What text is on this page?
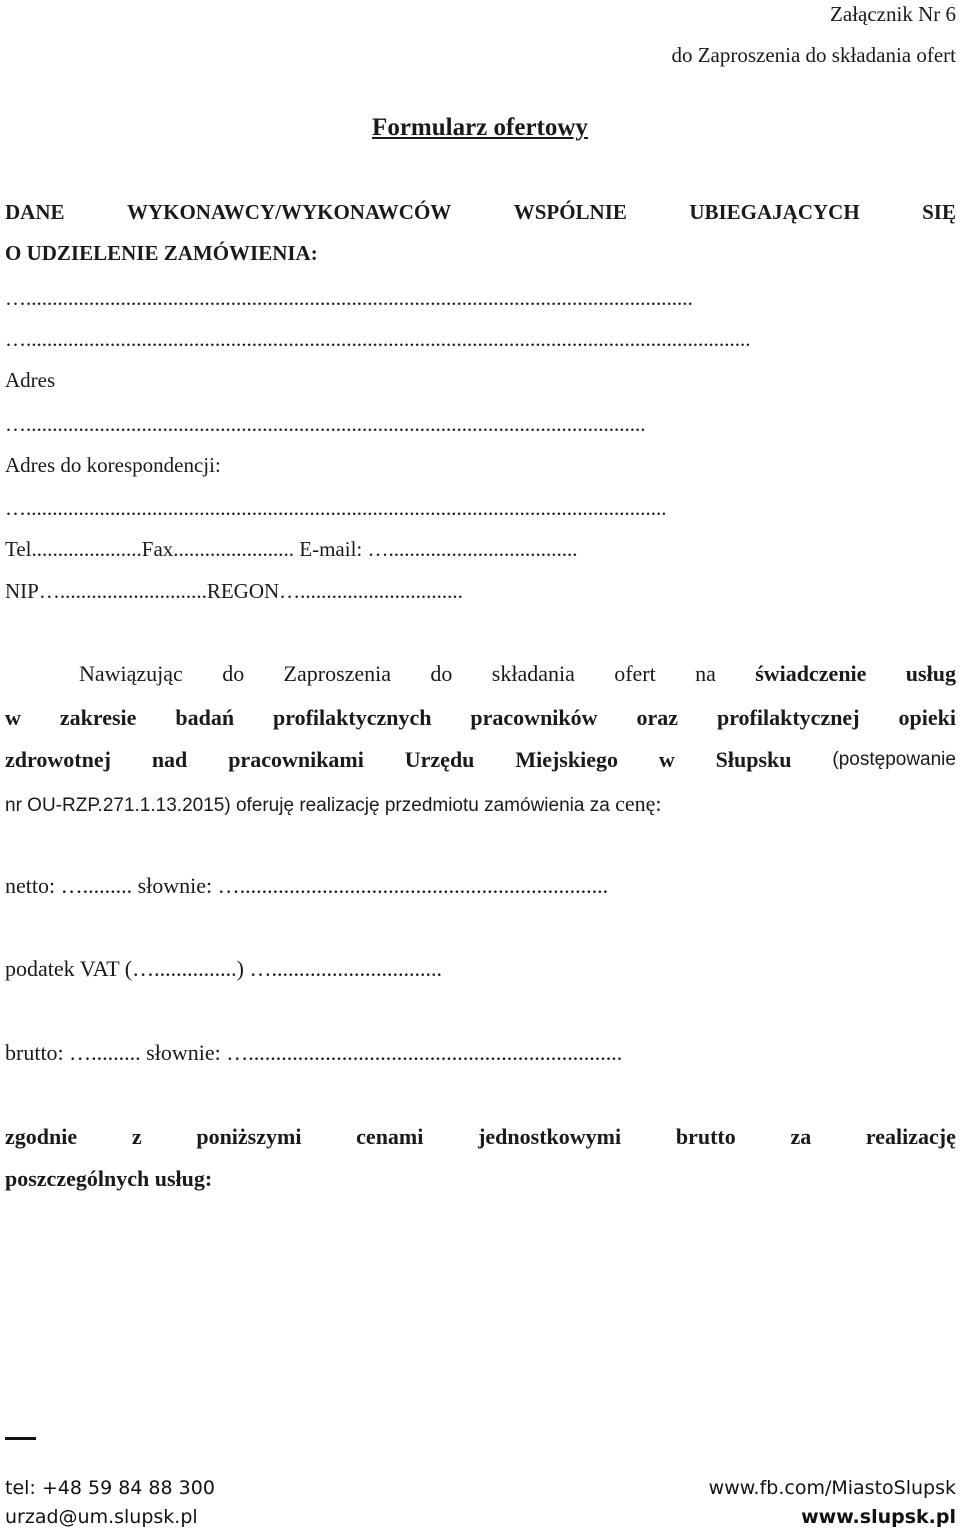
Załącznik Nr 6
do Zaproszenia do składania ofert
Formularz ofertowy
DANE	WYKONAWCY/WYKONAWCÓW	WSPÓLNIE	UBIEGAJĄCYCH	SIĘ
O UDZIELENIE ZAMÓWIENIA:
…...............................................................................................................................
…..........................................................................................................................................
Adres
…......................................................................................................................
Adres do korespondencji:
…..........................................................................................................................
Tel.....................Fax....................... E-mail: …....................................
NIP…............................REGON…...............................
Nawiązując do Zaproszenia do składania ofert na świadczenie usług
w zakresie badań profilaktycznych pracowników oraz profilaktycznej opieki
zdrowotnej nad pracownikami Urzędu Miejskiego w Słupsku (postępowanie
nr OU-RZP.271.1.13.2015) oferuję realizację przedmiotu zamówienia za cenę:
netto: …......... słownie: …...................................................................
podatek VAT (…...............) …...............................
brutto: …......... słownie: …....................................................................
zgodnie z poniższymi cenami jednostkowymi brutto za realizację
poszczególnych usług:
tel: +48 59 84 88 300
urzad@um.slupsk.pl
www.fb.com/MiastoSlupsk
www.slupsk.pl
